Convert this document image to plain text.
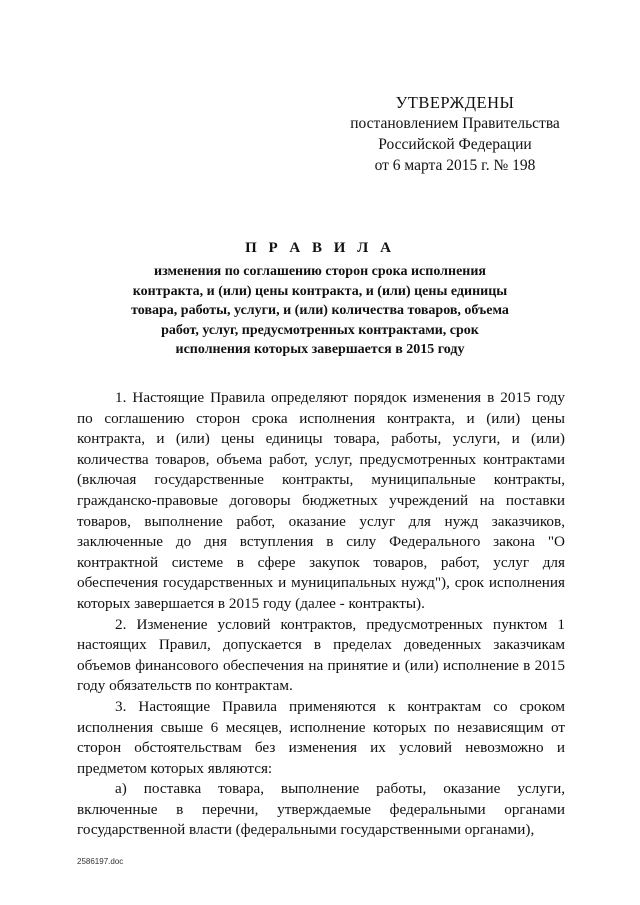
УТВЕРЖДЕНЫ
постановлением Правительства
Российской Федерации
от 6 марта 2015 г. № 198
П Р А В И Л А
изменения по соглашению сторон срока исполнения
контракта, и (или) цены контракта, и (или) цены единицы
товара, работы, услуги, и (или) количества товаров, объема
работ, услуг, предусмотренных контрактами, срок
исполнения которых завершается в 2015 году

1. Настоящие Правила определяют порядок изменения в 2015 году по соглашению сторон срока исполнения контракта, и (или) цены контракта, и (или) цены единицы товара, работы, услуги, и (или) количества товаров, объема работ, услуг, предусмотренных контрактами (включая государственные контракты, муниципальные контракты, гражданско-правовые договоры бюджетных учреждений на поставки товаров, выполнение работ, оказание услуг для нужд заказчиков, заключенные до дня вступления в силу Федерального закона "О контрактной системе в сфере закупок товаров, работ, услуг для обеспечения государственных и муниципальных нужд"), срок исполнения которых завершается в 2015 году (далее - контракты).

2. Изменение условий контрактов, предусмотренных пунктом 1 настоящих Правил, допускается в пределах доведенных заказчикам объемов финансового обеспечения на принятие и (или) исполнение в 2015 году обязательств по контрактам.

3. Настоящие Правила применяются к контрактам со сроком исполнения свыше 6 месяцев, исполнение которых по независящим от сторон обстоятельствам без изменения их условий невозможно и предметом которых являются:

а) поставка товара, выполнение работы, оказание услуги, включенные в перечни, утверждаемые федеральными органами государственной власти (федеральными государственными органами),

2586197.doc
